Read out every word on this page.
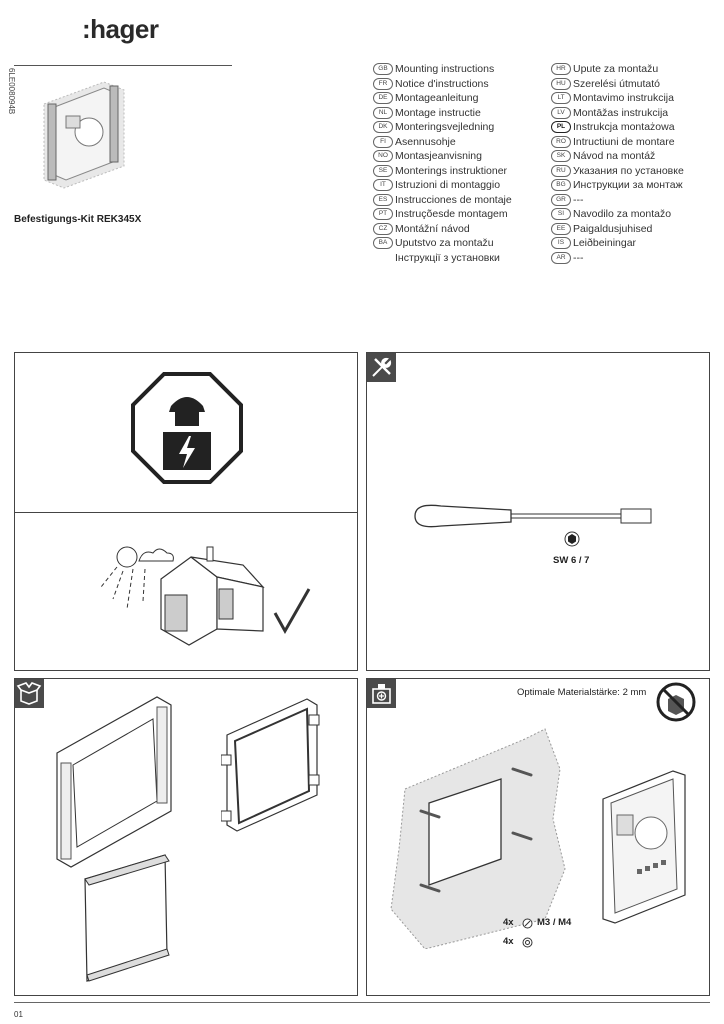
:hager
6LE008094B
Befestigungs-Kit REK345X
GB Mounting instructions
FR Notice d'instructions
DE Montageanleitung
NL Montage instructie
DK Monteringsvejledning
FI Asennusohje
NO Montasjeanvisning
SE Monterings instruktioner
IT Istruzioni di montaggio
ES Instrucciones de montaje
PT Instruçõesde montagem
CZ Montážní návod
BA Uputstvo za montažu
Інструкції з установки
HR Upute za montažu
HU Szerelési útmutató
LT Montavimo instrukcija
LV Montāžas instrukcija
PL Instrukcja montażowa
RO Intructiuni de montare
SK Návod na montáž
RU Указания по установке
BG Инструкции за монтаж
GR ---
SI Navodilo za montažo
EE Paigaldusjuhised
IS Leiðbeiningar
AR ---
SW 6 / 7
Optimale Materialstärke: 2 mm
4x M3 / M4
4x
01
